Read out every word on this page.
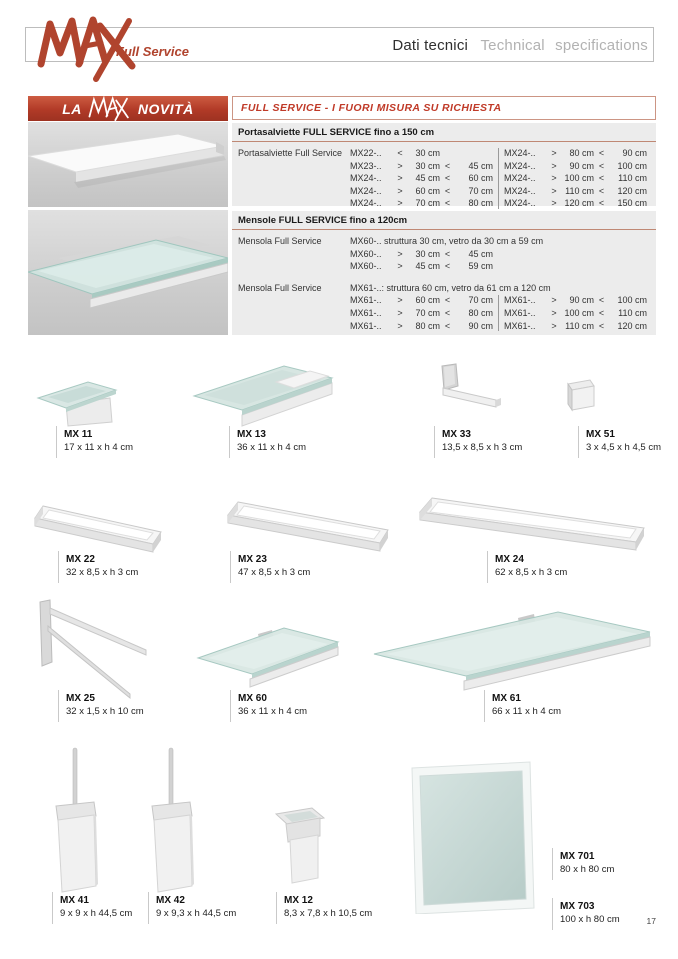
Full Service	Dati tecnici Technical specifications
LA	NOVITÀ	FULL SERVICE - I FUORI MISURA SU RICHIESTA
Portasalviette FULL SERVICE fino a 150 cm
Portasalviette Full Service MX22-..	<	30 cm
MX23-..	>	30 cm <	45 cm
MX24-..	>	45 cm <	60 cm
MX24-..	>	60 cm <	70 cm
MX24-..	>	70 cm <	80 cm
MX24-..	>	80 cm <	90 cm
MX24-..	>	90 cm <	100 cm
MX24-..	> 100 cm <	110 cm
MX24-..	> 110 cm <	120 cm
MX24-..	> 120 cm <	150 cm
Mensole FULL SERVICE fino a 120cm
Mensola Full Service	MX60-.. struttura 30 cm, vetro da 30 cm a 59 cm
MX60-..	>	30 cm <	45 cm
MX60-..	>	45 cm <	59 cm
Mensola Full Service	MX61-..: struttura 60 cm, vetro da 61 cm a 120 cm
MX61-..	>	60 cm <	70 cm
MX61-..	>	70 cm <	80 cm
MX61-..	>	80 cm <	90 cm
MX61-..	>	90 cm <	100 cm
MX61-..	> 100 cm <	110 cm
MX61-..	> 110 cm <	120 cm
MX 11
17 x 11 x h 4 cm
MX 13
36 x 11 x h 4 cm
MX 33
13,5 x 8,5 x h 3 cm
MX 51
3 x 4,5 x h 4,5 cm
MX 22
32 x 8,5 x h 3 cm
MX 23
47 x 8,5 x h 3 cm
MX 24
62 x 8,5 x h 3 cm
MX 25
32 x 1,5 x h 10 cm
MX 60
36 x 11 x h 4 cm
MX 61
66 x 11 x h 4 cm
MX 41
9 x 9 x h 44,5 cm
MX 42
9 x 9,3 x h 44,5 cm
MX 12
8,3 x 7,8 x h 10,5 cm
MX 701
80 x h 80 cm
MX 703
100 x h 80 cm	17
